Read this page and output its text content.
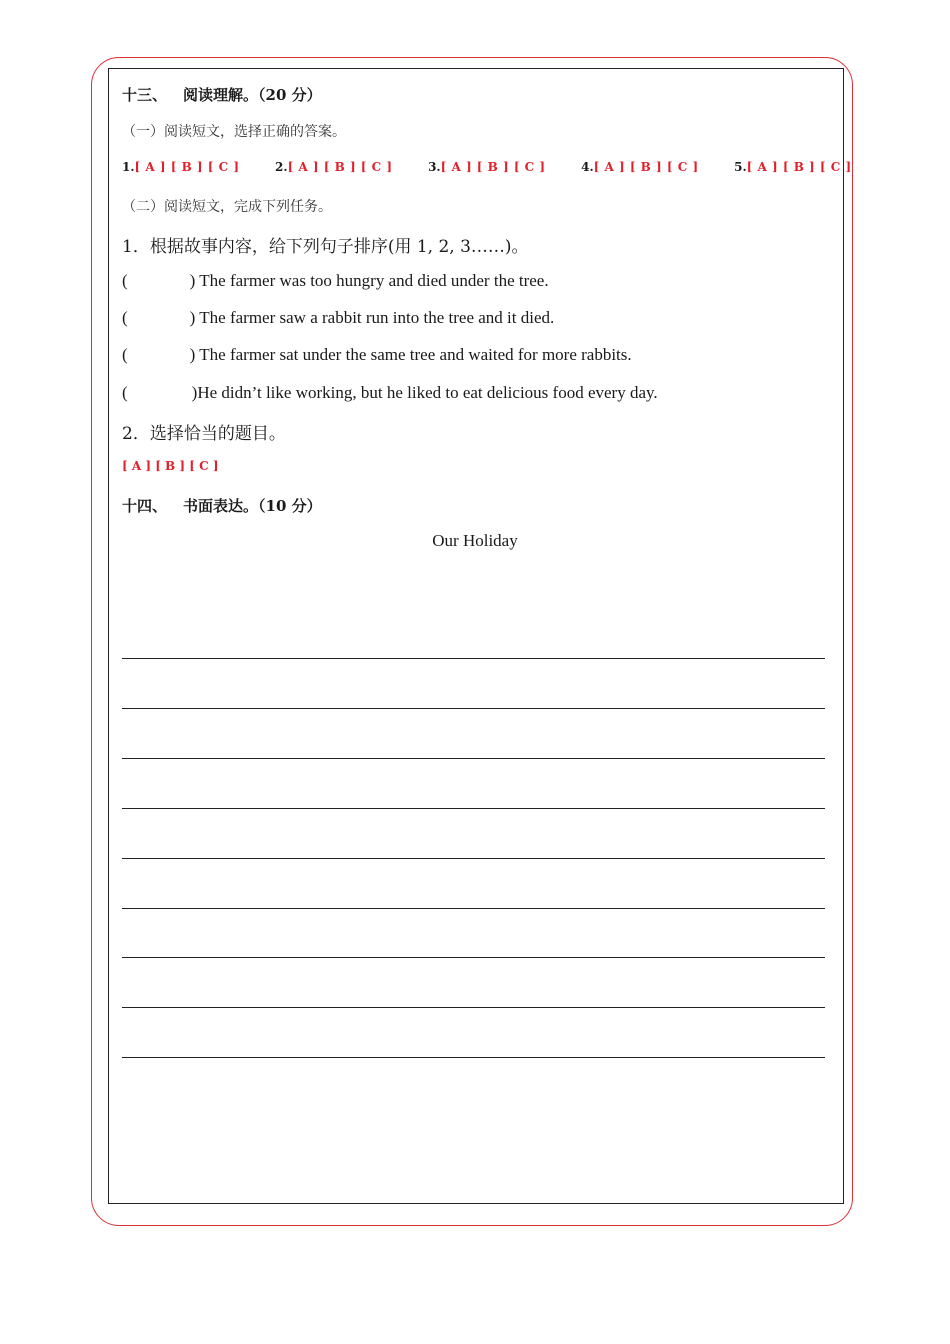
十三、 阅读理解。（20 分）
（一）阅读短文，选择正确的答案。
1.[ A ] [ B ] [ C ]	2.[ A ] [ B ] [ C ]	3.[ A ] [ B ] [ C ]	4.[ A ] [ B ] [ C ]	5.[ A ] [ B ] [ C ]
（二）阅读短文，完成下列任务。
1．根据故事内容，给下列句子排序(用 1, 2, 3……)。
(	) The farmer was too hungry and died under the tree.
(	) The farmer saw a rabbit run into the tree and it died.
(	) The farmer sat under the same tree and waited for more rabbits.
(	)He didn’t like working, but he liked to eat delicious food every day.
2．选择恰当的题目。
[ A ] [ B ] [ C ]
十四、 书面表达。（10 分）
Our Holiday
